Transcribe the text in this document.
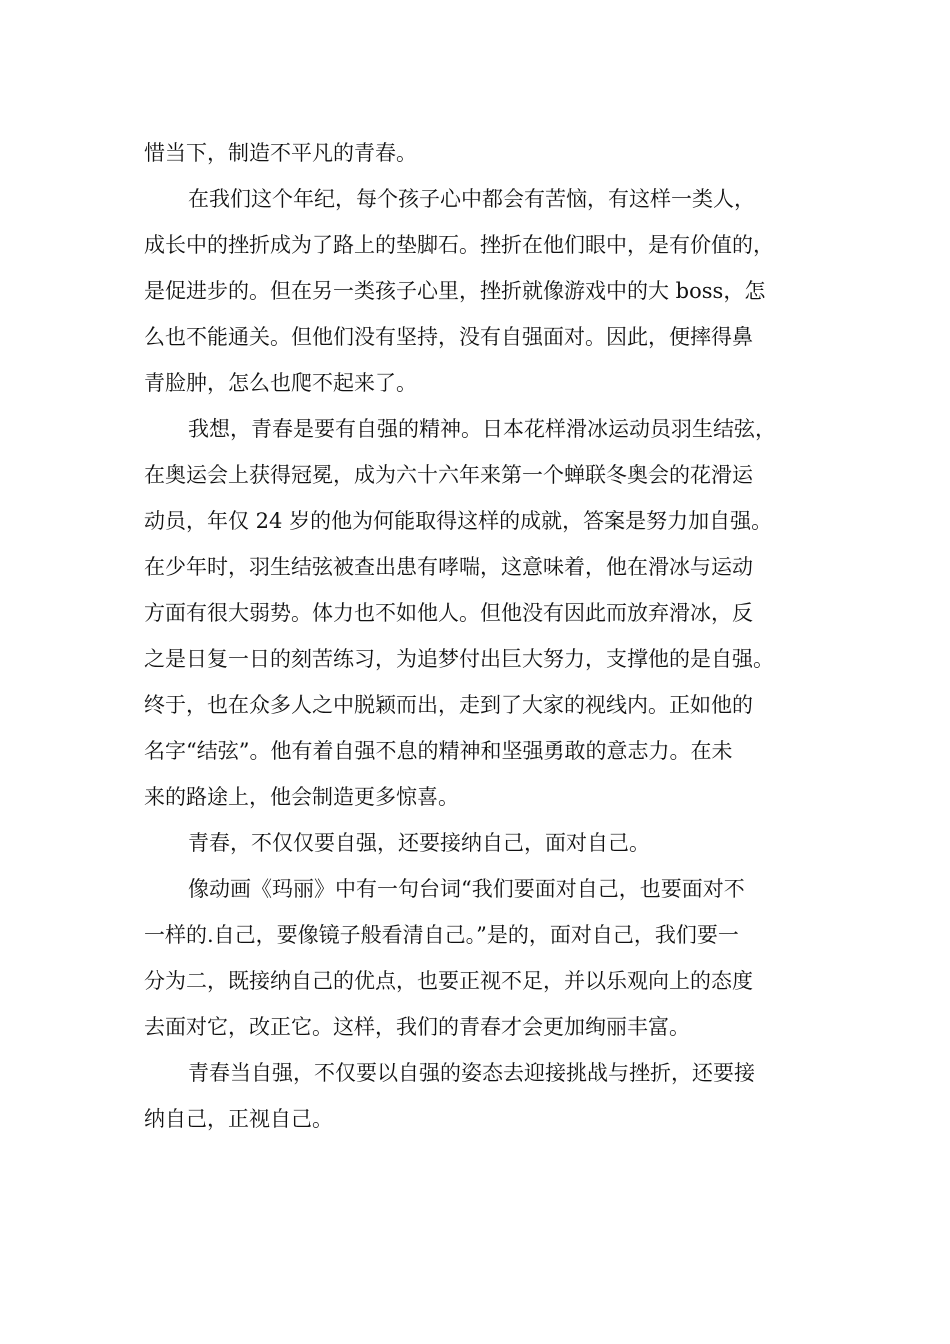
惜当下，制造不平凡的青春。
在我们这个年纪，每个孩子心中都会有苦恼，有这样一类人，
成长中的挫折成为了路上的垫脚石。挫折在他们眼中，是有价值的，
是促进步的。但在另一类孩子心里，挫折就像游戏中的大 boss，怎
么也不能通关。但他们没有坚持，没有自强面对。因此，便摔得鼻
青脸肿，怎么也爬不起来了。
我想，青春是要有自强的精神。日本花样滑冰运动员羽生结弦，
在奥运会上获得冠冕，成为六十六年来第一个蝉联冬奥会的花滑运
动员，年仅 24 岁的他为何能取得这样的成就，答案是努力加自强。
在少年时，羽生结弦被查出患有哮喘，这意味着，他在滑冰与运动
方面有很大弱势。体力也不如他人。但他没有因此而放弃滑冰，反
之是日复一日的刻苦练习，为追梦付出巨大努力，支撑他的是自强。
终于，也在众多人之中脱颖而出，走到了大家的视线内。正如他的
名字“结弦”。他有着自强不息的精神和坚强勇敢的意志力。在未
来的路途上，他会制造更多惊喜。
青春，不仅仅要自强，还要接纳自己，面对自己。
像动画《玛丽》中有一句台词“我们要面对自己，也要面对不
一样的.自己，要像镜子般看清自己。”是的，面对自己，我们要一
分为二，既接纳自己的优点，也要正视不足，并以乐观向上的态度
去面对它，改正它。这样，我们的青春才会更加绚丽丰富。
青春当自强，不仅要以自强的姿态去迎接挑战与挫折，还要接
纳自己，正视自己。
